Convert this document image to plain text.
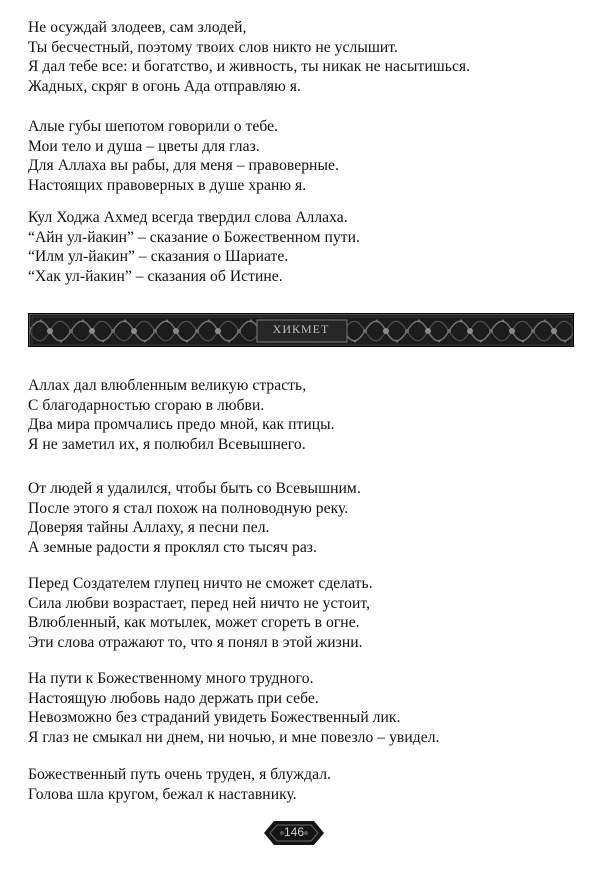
Не осуждай злодеев, сам злодей,
Ты бесчестный, поэтому твоих слов никто не услышит.
Я дал тебе все: и богатство, и живность, ты никак не насытишься.
Жадных, скряг в огонь Ада отправляю я.
Алые губы шепотом говорили о тебе.
Мои тело и душа – цветы для глаз.
Для Аллаха вы рабы, для меня – правоверные.
Настоящих правоверных в душе храню я.
Кул Ходжа Ахмед всегда твердил слова Аллаха.
“Айн ул-йакин” – сказание о Божественном пути.
“Илм ул-йакин” – сказания о Шариате.
“Хак ул-йакин” – сказания об Истине.
ХИКМЕТ
Аллах дал влюбленным великую страсть,
С благодарностью сгораю в любви.
Два мира промчались предо мной, как птицы.
Я не заметил их, я полюбил Всевышнего.
От людей я удалился, чтобы быть со Всевышним.
После этого я стал похож на полноводную реку.
Доверяя тайны Аллаху, я песни пел.
А земные радости я проклял сто тысяч раз.
Перед Создателем глупец ничто не сможет сделать.
Сила любви возрастает, перед ней ничто не устоит,
Влюбленный, как мотылек, может сгореть в огне.
Эти слова отражают то, что я понял в этой жизни.
На пути к Божественному много трудного.
Настоящую любовь надо держать при себе.
Невозможно без страданий увидеть Божественный лик.
Я глаз не смыкал ни днем, ни ночью, и мне повезло – увидел.
Божественный путь очень труден, я блуждал.
Голова шла кругом, бежал к наставнику.
146
